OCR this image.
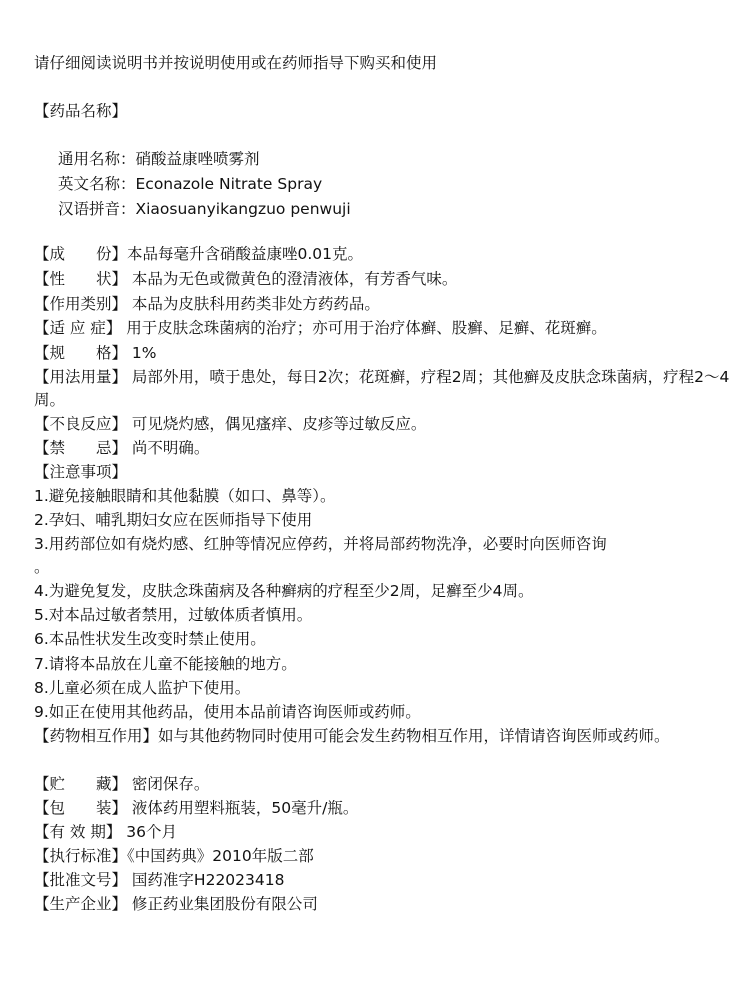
请仔细阅读说明书并按说明使用或在药师指导下购买和使用
【药品名称】
通用名称：硝酸益康唑喷雾剂
英文名称：Econazole Nitrate Spray
汉语拼音：Xiaosuanyikangzuo penwuji
【成　　份】本品每毫升含硝酸益康唑0.01克。
【性　　状】 本品为无色或微黄色的澄清液体，有芳香气味。
【作用类别】 本品为皮肤科用药类非处方药药品。
【适 应 症】 用于皮肤念珠菌病的治疗；亦可用于治疗体癣、股癣、足癣、花斑癣。
【规　　格】 1%
【用法用量】 局部外用，喷于患处，每日2次；花斑癣，疗程2周；其他癣及皮肤念珠菌病，疗程2～4周。
【不良反应】 可见烧灼感，偶见瘙痒、皮疹等过敏反应。
【禁　　忌】 尚不明确。
【注意事项】
1.避免接触眼睛和其他黏膜（如口、鼻等）。
2.孕妇、哺乳期妇女应在医师指导下使用
3.用药部位如有烧灼感、红肿等情况应停药，并将局部药物洗净，必要时向医师咨询
。
4.为避免复发，皮肤念珠菌病及各种癣病的疗程至少2周，足癣至少4周。
5.对本品过敏者禁用，过敏体质者慎用。
6.本品性状发生改变时禁止使用。
7.请将本品放在儿童不能接触的地方。
8.儿童必须在成人监护下使用。
9.如正在使用其他药品，使用本品前请咨询医师或药师。
【药物相互作用】如与其他药物同时使用可能会发生药物相互作用，详情请咨询医师或药师。
【贮　　藏】 密闭保存。
【包　　装】 液体药用塑料瓶装，50毫升/瓶。
【有 效 期】 36个月
【执行标准】《中国药典》2010年版二部
【批准文号】 国药准字H22023418
【生产企业】 修正药业集团股份有限公司
